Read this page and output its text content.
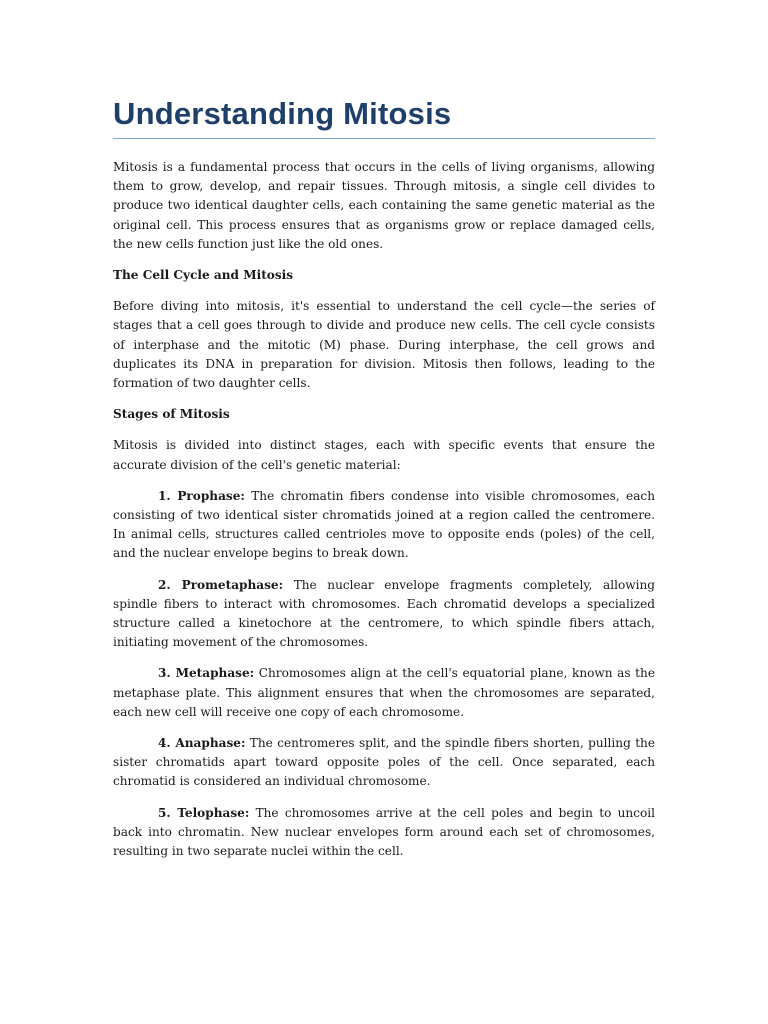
Understanding Mitosis

Mitosis is a fundamental process that occurs in the cells of living organisms, allowing them to grow, develop, and repair tissues. Through mitosis, a single cell divides to produce two identical daughter cells, each containing the same genetic material as the original cell. This process ensures that as organisms grow or replace damaged cells, the new cells function just like the old ones.

The Cell Cycle and Mitosis

Before diving into mitosis, it's essential to understand the cell cycle—the series of stages that a cell goes through to divide and produce new cells. The cell cycle consists of interphase and the mitotic (M) phase. During interphase, the cell grows and duplicates its DNA in preparation for division. Mitosis then follows, leading to the formation of two daughter cells.

Stages of Mitosis

Mitosis is divided into distinct stages, each with specific events that ensure the accurate division of the cell's genetic material:

1. Prophase: The chromatin fibers condense into visible chromosomes, each consisting of two identical sister chromatids joined at a region called the centromere. In animal cells, structures called centrioles move to opposite ends (poles) of the cell, and the nuclear envelope begins to break down.

2. Prometaphase: The nuclear envelope fragments completely, allowing spindle fibers to interact with chromosomes. Each chromatid develops a specialized structure called a kinetochore at the centromere, to which spindle fibers attach, initiating movement of the chromosomes.

3. Metaphase: Chromosomes align at the cell's equatorial plane, known as the metaphase plate. This alignment ensures that when the chromosomes are separated, each new cell will receive one copy of each chromosome.

4. Anaphase: The centromeres split, and the spindle fibers shorten, pulling the sister chromatids apart toward opposite poles of the cell. Once separated, each chromatid is considered an individual chromosome.

5. Telophase: The chromosomes arrive at the cell poles and begin to uncoil back into chromatin. New nuclear envelopes form around each set of chromosomes, resulting in two separate nuclei within the cell.
